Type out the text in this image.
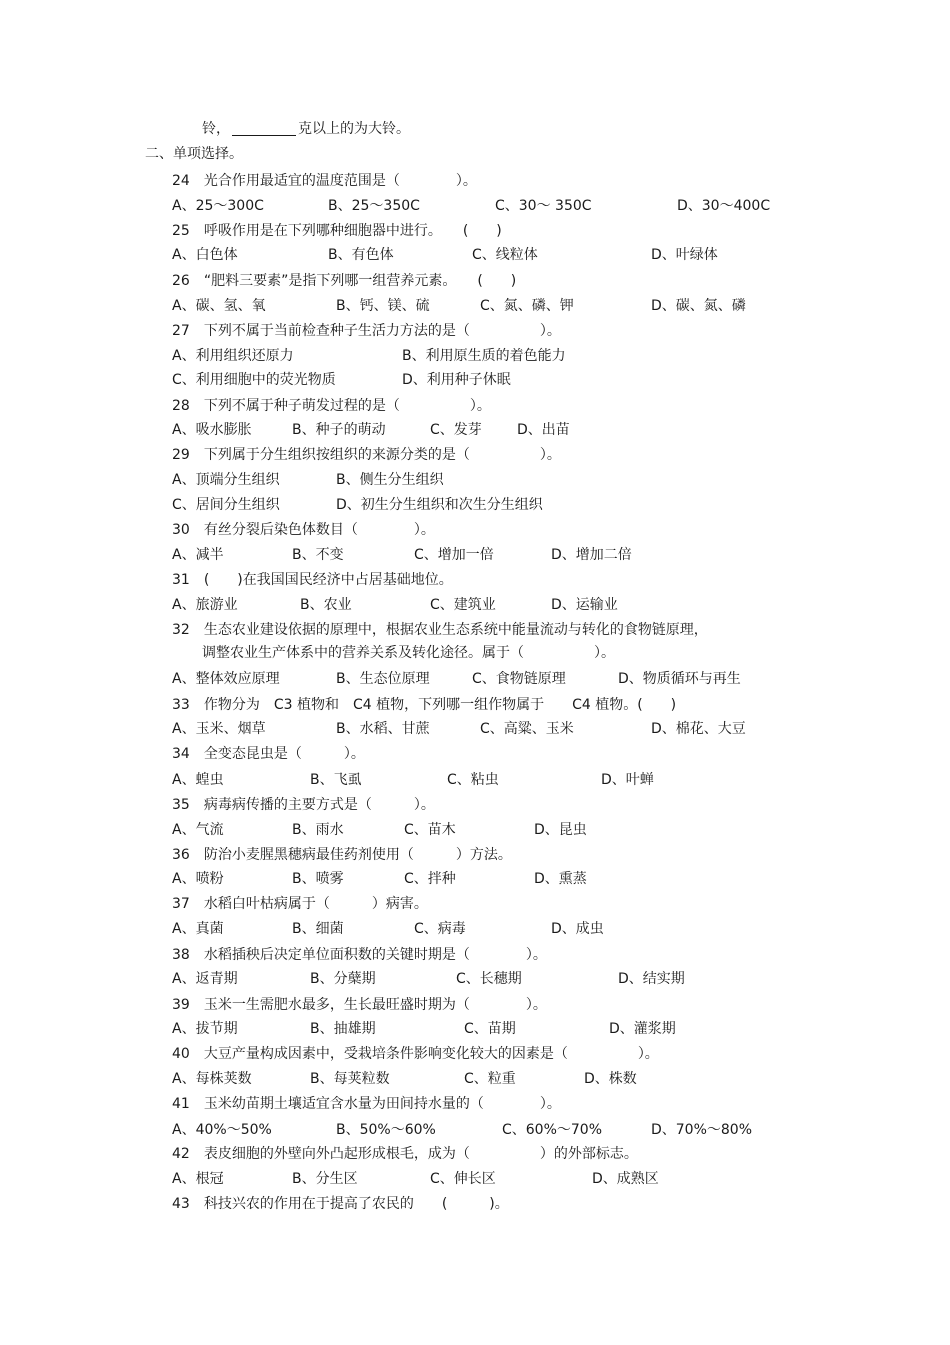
铃，	克以上的为大铃。
二、单项选择。
24　光合作用最适宜的温度范围是（　　　　）。
A、25～300C	B、25～350C	C、30～ 350C	D、30～400C
25　呼吸作用是在下列哪种细胞器中进行。　　(　　)
A、白色体	B、有色体	C、线粒体	D、叶绿体
26　“肥料三要素”是指下列哪一组营养元素。　　(　　)
A、碳、氢、氧	B、钙、镁、硫	C、氮、磷、钾	D、碳、氮、磷
27　下列不属于当前检查种子生活力方法的是（　　　　　）。
A、利用组织还原力	B、利用原生质的着色能力
C、利用细胞中的荧光物质	D、利用种子休眠
28　下列不属于种子萌发过程的是（　　　　　）。
A、吸水膨胀	B、种子的萌动	C、发芽	D、出苗
29　下列属于分生组织按组织的来源分类的是（　　　　　）。
A、顶端分生组织	B、侧生分生组织
C、居间分生组织	D、初生分生组织和次生分生组织
30　有丝分裂后染色体数目（　　　　）。
A、减半	B、不变	C、增加一倍	D、增加二倍
31　(　　)在我国国民经济中占居基础地位。
A、旅游业	B、农业	C、建筑业	D、运输业
32　生态农业建设依据的原理中，根据农业生态系统中能量流动与转化的食物链原理，
调整农业生产体系中的营养关系及转化途径。属于（　　　　　）。
A、整体效应原理	B、生态位原理	C、食物链原理	D、物质循环与再生
33　作物分为　C3 植物和　C4 植物，下列哪一组作物属于　　C4 植物。(　　)
A、玉米、烟草	B、水稻、甘蔗	C、高粱、玉米	D、棉花、大豆
34　全变态昆虫是（　　　）。
A、蝗虫	B、飞虱	C、粘虫	D、叶蝉
35　病毒病传播的主要方式是（　　　）。
A、气流	B、雨水	C、苗木	D、昆虫
36　防治小麦腥黑穗病最佳药剂使用（　　　）方法。
A、喷粉	B、喷雾	C、拌种	D、熏蒸
37　水稻白叶枯病属于（　　　）病害。
A、真菌	B、细菌	C、病毒	D、成虫
38　水稻插秧后决定单位面积数的关键时期是（　　　　）。
A、返青期	B、分蘖期	C、长穗期	D、结实期
39　玉米一生需肥水最多，生长最旺盛时期为（　　　　）。
A、拔节期	B、抽雄期	C、苗期	D、灌浆期
40　大豆产量构成因素中，受栽培条件影响变化较大的因素是（　　　　　）。
A、每株荚数	B、每荚粒数	C、粒重	D、株数
41　玉米幼苗期土壤适宜含水量为田间持水量的（　　　　）。
A、40%～50%	B、50%～60%	C、60%～70%	D、70%～80%
42　表皮细胞的外壁向外凸起形成根毛，成为（　　　　　）的外部标志。
A、根冠	B、分生区	C、伸长区	D、成熟区
43　科技兴农的作用在于提高了农民的　　(　　　)。
